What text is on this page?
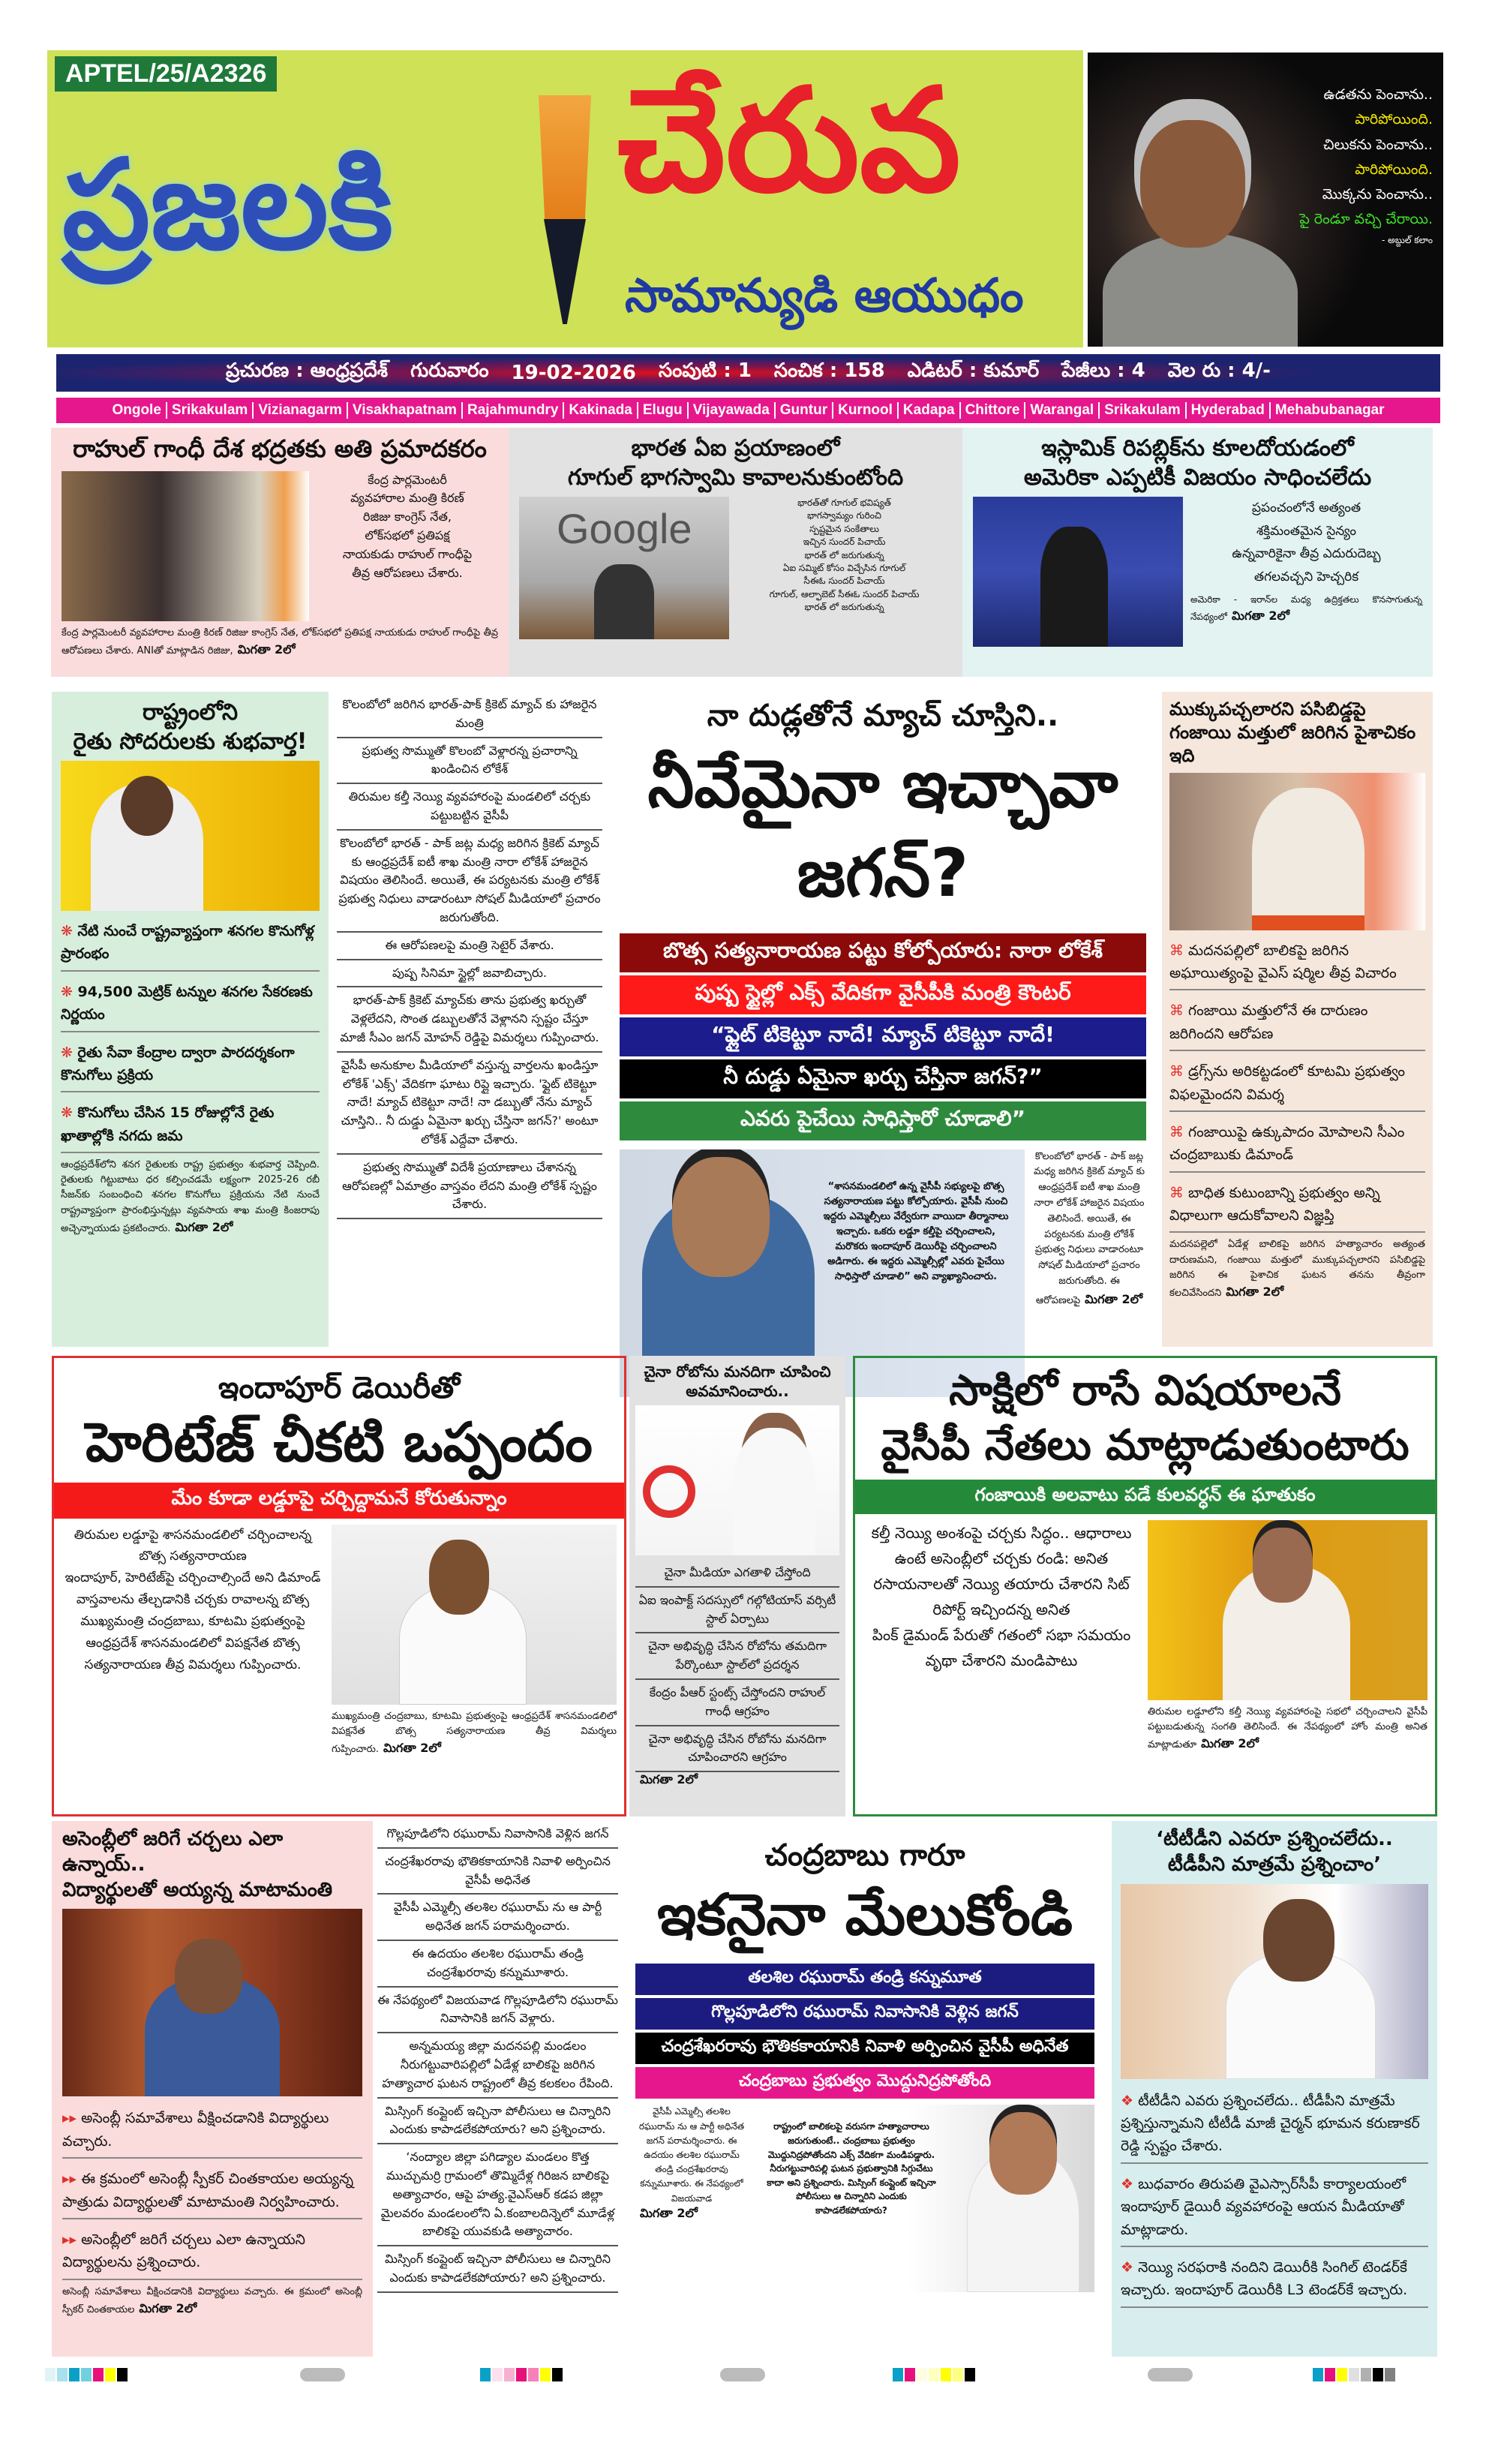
APTEL/25/A2326
ప్రజలకి చేరువ
సామాన్యుడి ఆయుధం
ఉడతను పెంచాను..
పారిపోయింది.
చిలుకను పెంచాను..
పారిపోయింది.
మొక్కను పెంచాను..
పై రెండూ వచ్చి చేరాయి.
- అబ్దుల్ కలాం
ప్రచురణ : ఆంధ్రప్రదేశ్ గురువారం 19-02-2026 సంపుటి : 1 సంచిక : 158 ఎడిటర్ : కుమార్ పేజీలు : 4 వెల రు : 4/-
Ongole Srikakulam Vizianagarm Visakhapatnam Rajahmundry Kakinada Elugu Vijayawada Guntur Kurnool Kadapa Chittore Warangal Srikakulam Hyderabad Mehabubanagar
రాహుల్ గాంధీ దేశ భద్రతకు అతి ప్రమాదకరం
కేంద్ర పార్లమెంటరీ
వ్యవహారాల మంత్రి కిరణ్
రిజిజు కాంగ్రెస్ నేత,
లోక్‌సభలో ప్రతిపక్ష
నాయకుడు రాహుల్ గాంధీపై
తీవ్ర ఆరోపణలు చేశారు.
కేంద్ర పార్లమెంటరీ వ్యవహారాల మంత్రి కిరణ్ రిజిజు కాంగ్రెస్ నేత, లోక్‌సభలో ప్రతిపక్ష నాయకుడు రాహుల్ గాంధీపై తీవ్ర ఆరోపణలు చేశారు. ANIతో మాట్లాడిన రిజిజు, మిగతా 2లో
భారత ఏఐ ప్రయాణంలో
గూగుల్ భాగస్వామి కావాలనుకుంటోంది
Google
భారత్‌తో గూగుల్ భవిష్యత్
భాగస్వామ్యం గురించి
స్పష్టమైన సంకేతాలు
ఇచ్చిన సుందర్ పిచాయ్
భారత్ లో జరుగుతున్న
ఏఐ సమ్మిట్ కోసం విచ్చేసిన గూగుల్
సీఈఓ సుందర్ పిచాయ్
గూగుల్, ఆల్ఫాబెట్ సీఈఓ సుందర్ పిచాయ్
భారత్ లో జరుగుతున్న
ఇస్లామిక్ రిపబ్లిక్‌ను కూలదోయడంలో
అమెరికా ఎప్పటికీ విజయం సాధించలేదు
ప్రపంచంలోనే అత్యంత
శక్తిమంతమైన సైన్యం
ఉన్నవారికైనా తీవ్ర ఎదురుదెబ్బ
తగలవచ్చని హెచ్చరిక
అమెరికా - ఇరాన్‌ల మధ్య ఉద్రిక్తతలు కొనసాగుతున్న నేపథ్యంలో మిగతా 2లో
రాష్ట్రంలోని
రైతు సోదరులకు శుభవార్త!
❋ నేటి నుంచే రాష్ట్రవ్యాప్తంగా శనగల కొనుగోళ్ల ప్రారంభం
❋ 94,500 మెట్రిక్ టన్నుల శనగల సేకరణకు నిర్ణయం
❋ రైతు సేవా కేంద్రాల ద్వారా పారదర్శకంగా కొనుగోలు ప్రక్రియ
❋ కొనుగోలు చేసిన 15 రోజుల్లోనే రైతు ఖాతాల్లోకి నగదు జమ
ఆంధ్రప్రదేశ్‌లోని శనగ రైతులకు రాష్ట్ర ప్రభుత్వం శుభవార్త చెప్పింది. రైతులకు గిట్టుబాటు ధర కల్పించడమే లక్ష్యంగా 2025-26 రబీ సీజన్‌కు సంబంధించి శనగల కొనుగోలు ప్రక్రియను నేటి నుంచే రాష్ట్రవ్యాప్తంగా ప్రారంభిస్తున్నట్లు వ్యవసాయ శాఖ మంత్రి కింజరాపు అచ్చెన్నాయుడు ప్రకటించారు. మిగతా 2లో
కొలంబోలో జరిగిన భారత్-పాక్ క్రికెట్ మ్యాచ్ కు హాజరైన మంత్రి
ప్రభుత్వ సొమ్ముతో కొలంబో వెళ్లారన్న ప్రచారాన్ని ఖండించిన లోకేశ్
తిరుమల కల్తీ నెయ్యి వ్యవహారంపై మండలిలో చర్చకు పట్టుబట్టిన వైసీపీ
కొలంబోలో భారత్ - పాక్ జట్ల మధ్య జరిగిన క్రికెట్ మ్యాచ్ కు ఆంధ్రప్రదేశ్ ఐటీ శాఖ మంత్రి నారా లోకేశ్ హాజరైన విషయం తెలిసిందే. అయితే, ఈ పర్యటనకు మంత్రి లోకేశ్ ప్రభుత్వ నిధులు వాడారంటూ సోషల్ మీడియాలో ప్రచారం జరుగుతోంది.
ఈ ఆరోపణలపై మంత్రి సెటైర్ వేశారు.
పుష్ప సినిమా స్టైల్లో జవాబిచ్చారు.
భారత్-పాక్ క్రికెట్ మ్యాచ్‌కు తాను ప్రభుత్వ ఖర్చుతో వెళ్లలేదని, సొంత డబ్బులతోనే వెళ్లానని స్పష్టం చేస్తూ మాజీ సీఎం జగన్ మోహన్ రెడ్డిపై విమర్శలు గుప్పించారు.
వైసీపీ అనుకూల మీడియాలో వస్తున్న వార్తలను ఖండిస్తూ లోకేశ్ 'ఎక్స్' వేదికగా ఘాటు రిప్లై ఇచ్చారు. 'ఫ్లైట్ టికెట్టూ నాదే! మ్యాచ్ టికెట్టూ నాదే! నా డబ్బుతో నేను మ్యాచ్ చూస్తిని.. నీ దుడ్డు ఏమైనా ఖర్చు చేస్తినా జగన్?' అంటూ లోకేశ్ ఎద్దేవా చేశారు.
ప్రభుత్వ సొమ్ముతో విదేశీ ప్రయాణాలు చేశానన్న ఆరోపణల్లో ఏమాత్రం వాస్తవం లేదని మంత్రి లోకేశ్ స్పష్టం చేశారు.
నా దుడ్లతోనే మ్యాచ్ చూస్తిని..
నీవేమైనా ఇచ్చావా జగన్?
బొత్స సత్యనారాయణ పట్టు కోల్పోయారు: నారా లోకేశ్
పుష్ప స్టైల్లో ఎక్స్ వేదికగా వైసీపీకి మంత్రి కౌంటర్
“ఫ్లైట్ టికెట్టూ నాదే! మ్యాచ్ టికెట్టూ నాదే!
నీ దుడ్డు ఏమైనా ఖర్చు చేస్తినా జగన్?”
ఎవరు పైచేయి సాధిస్తారో చూడాలి”
“శాసనమండలిలో ఉన్న వైసీపీ సభ్యులపై బొత్స సత్యనారాయణ పట్టు కోల్పోయారు. వైసీపీ నుంచి ఇద్దరు ఎమ్మెల్సీలు వేర్వేరుగా వాయిదా తీర్మానాలు ఇచ్చారు. ఒకరు లడ్డూ కల్తీపై చర్చించాలని, మరొకరు ఇందాపూర్ డెయిరీపై చర్చించాలని అడిగారు. ఈ ఇద్దరు ఎమ్మెల్సీల్లో ఎవరు పైచేయి సాధిస్తారో చూడాలి” అని వ్యాఖ్యానించారు.
కొలంబోలో భారత్ - పాక్ జట్ల మధ్య జరిగిన క్రికెట్ మ్యాచ్ కు ఆంధ్రప్రదేశ్ ఐటీ శాఖ మంత్రి నారా లోకేశ్ హాజరైన విషయం తెలిసిందే. అయితే, ఈ పర్యటనకు మంత్రి లోకేశ్ ప్రభుత్వ నిధులు వాడారంటూ సోషల్ మీడియాలో ప్రచారం జరుగుతోంది. ఈ ఆరోపణలపై మిగతా 2లో
ముక్కుపచ్చలారని పసిబిడ్డపై గంజాయి మత్తులో జరిగిన పైశాచికం ఇది
⌘ మదనపల్లిలో బాలికపై జరిగిన అఘాయిత్యంపై వైఎస్ షర్మిల తీవ్ర విచారం
⌘ గంజాయి మత్తులోనే ఈ దారుణం జరిగిందని ఆరోపణ
⌘ డ్రగ్స్‌ను అరికట్టడంలో కూటమి ప్రభుత్వం విఫలమైందని విమర్శ
⌘ గంజాయిపై ఉక్కుపాదం మోపాలని సీఎం చంద్రబాబుకు డిమాండ్
⌘ బాధిత కుటుంబాన్ని ప్రభుత్వం అన్ని విధాలుగా ఆదుకోవాలని విజ్ఞప్తి
మదనపల్లెలో ఏడేళ్ల బాలికపై జరిగిన హత్యాచారం అత్యంత దారుణమని, గంజాయి మత్తులో ముక్కుపచ్చలారని పసిబిడ్డపై జరిగిన ఈ పైశాచిక ఘటన తనను తీవ్రంగా కలచివేసిందని మిగతా 2లో
ఇందాపూర్ డెయిరీతో
హెరిటేజ్ చీకటి ఒప్పందం
మేం కూడా లడ్డూపై చర్చిద్దామనే కోరుతున్నాం
తిరుమల లడ్డూపై శాసనమండలిలో చర్చించాలన్న బొత్స సత్యనారాయణ
ఇందాపూర్, హెరిటేజ్‌పై చర్చించాల్సిందే అని డిమాండ్
వాస్తవాలను తేల్చడానికి చర్చకు రావాలన్న బొత్స
ముఖ్యమంత్రి చంద్రబాబు, కూటమి ప్రభుత్వంపై ఆంధ్రప్రదేశ్ శాసనమండలిలో విపక్షనేత బొత్స సత్యనారాయణ తీవ్ర విమర్శలు గుప్పించారు.
ముఖ్యమంత్రి చంద్రబాబు, కూటమి ప్రభుత్వంపై ఆంధ్రప్రదేశ్ శాసనమండలిలో విపక్షనేత బొత్స సత్యనారాయణ తీవ్ర విమర్శలు గుప్పించారు. మిగతా 2లో
చైనా రోబోను మనదిగా చూపించి అవమానించారు..
చైనా మీడియా ఎగతాళి చేస్తోంది
ఏఐ ఇంపాక్ట్ సదస్సులో గల్గోటియాస్ వర్సిటీ స్టాల్ ఏర్పాటు
చైనా అభివృద్ధి చేసిన రోబోను తమదిగా పేర్కొంటూ స్టాల్‌లో ప్రదర్శన
కేంద్రం పీఆర్ స్టంట్స్ చేస్తోందని రాహుల్ గాంధీ ఆగ్రహం
చైనా అభివృద్ధి చేసిన రోబోను మనదిగా చూపించారని ఆగ్రహం
మిగతా 2లో
సాక్షిలో రాసే విషయాలనే
వైసీపీ నేతలు మాట్లాడుతుంటారు
గంజాయికి అలవాటు పడే కులవర్ధన్ ఈ ఘాతుకం
కల్తీ నెయ్యి అంశంపై చర్చకు సిద్ధం.. ఆధారాలు ఉంటే అసెంబ్లీలో చర్చకు రండి: అనిత
రసాయనాలతో నెయ్యి తయారు చేశారని సిట్ రిపోర్ట్ ఇచ్చిందన్న అనిత
పింక్ డైమండ్ పేరుతో గతంలో సభా సమయం వృథా చేశారని మండిపాటు
తిరుమల లడ్డూలోని కల్తీ నెయ్యి వ్యవహారంపై సభలో చర్చించాలని వైసీపీ పట్టుబడుతున్న సంగతి తెలిసిందే. ఈ నేపథ్యంలో హోం మంత్రి అనిత మాట్లాడుతూ మిగతా 2లో
అసెంబ్లీలో జరిగే చర్చలు ఎలా ఉన్నాయ్..
విద్యార్థులతో అయ్యన్న మాటామంతి
▸▸ అసెంబ్లీ సమావేశాలు వీక్షించడానికి విద్యార్థులు వచ్చారు.
▸▸ ఈ క్రమంలో అసెంబ్లీ స్పీకర్ చింతకాయల అయ్యన్న పాత్రుడు విద్యార్థులతో మాటామంతి నిర్వహించారు.
▸▸ అసెంబ్లీలో జరిగే చర్చలు ఎలా ఉన్నాయని విద్యార్థులను ప్రశ్నించారు.
అసెంబ్లీ సమావేశాలు వీక్షించడానికి విద్యార్థులు వచ్చారు. ఈ క్రమంలో అసెంబ్లీ స్పీకర్ చింతకాయల మిగతా 2లో
గొల్లపూడిలోని రఘురామ్ నివాసానికి వెళ్లిన జగన్
చంద్రశేఖరరావు భౌతికకాయానికి నివాళి అర్పించిన వైసీపీ అధినేత
వైసీపీ ఎమ్మెల్సీ తలశిల రఘురామ్ ను ఆ పార్టీ అధినేత జగన్ పరామర్శించారు.
ఈ ఉదయం తలశిల రఘురామ్ తండ్రి చంద్రశేఖరరావు కన్నుమూశారు.
ఈ నేపథ్యంలో విజయవాడ గొల్లపూడిలోని రఘురామ్ నివాసానికి జగన్ వెళ్లారు.
అన్నమయ్య జిల్లా మదనపల్లి మండలం నీరుగట్టువారిపల్లిలో ఏడేళ్ల బాలికపై జరిగిన హత్యాచార ఘటన రాష్ట్రంలో తీవ్ర కలకలం రేపింది.
మిస్సింగ్ కంప్లైంట్ ఇచ్చినా పోలీసులు ఆ చిన్నారిని ఎందుకు కాపాడలేకపోయారు? అని ప్రశ్నించారు.
‘నంద్యాల జిల్లా పగిడ్యాల మండలం కొత్త ముచ్చుమర్రి గ్రామంలో తొమ్మిదేళ్ల గిరిజన బాలికపై అత్యాచారం, ఆపై హత్య.వైఎస్‌ఆర్ కడప జిల్లా మైలవరం మండలంలోని ఏ.కంబాలదిన్నెలో మూడేళ్ల బాలికపై యువకుడి అత్యాచారం.
మిస్సింగ్ కంప్లైంట్ ఇచ్చినా పోలీసులు ఆ చిన్నారిని ఎందుకు కాపాడలేకపోయారు? అని ప్రశ్నించారు.
చంద్రబాబు గారూ
ఇకనైనా మేలుకోండి
తలశిల రఘురామ్ తండ్రి కన్నుమూత
గొల్లపూడిలోని రఘురామ్ నివాసానికి వెళ్లిన జగన్
చంద్రశేఖరరావు భౌతికకాయానికి నివాళి అర్పించిన వైసీపీ అధినేత
చంద్రబాబు ప్రభుత్వం మొద్దునిద్రపోతోంది
వైసీపీ ఎమ్మెల్సీ తలశిల రఘురామ్ ను ఆ పార్టీ అధినేత జగన్ పరామర్శించారు. ఈ ఉదయం తలశిల రఘురామ్ తండ్రి చంద్రశేఖరరావు కన్నుమూశారు. ఈ నేపథ్యంలో విజయవాడ
మిగతా 2లో
రాష్ట్రంలో బాలికలపై వరుసగా హత్యాచారాలు జరుగుతుంటే.. చంద్రబాబు ప్రభుత్వం మొద్దునిద్రపోతోందని ఎక్స్ వేదికగా మండిపడ్డారు. నీరుగట్టువారిపల్లి ఘటన ప్రభుత్వానికి సిగ్గుచేటు కాదా అని ప్రశ్నించారు. మిస్సింగ్ కంప్లైంట్ ఇచ్చినా పోలీసులు ఆ చిన్నారిని ఎందుకు కాపాడలేకపోయారు?
‘టీటీడీని ఎవరూ ప్రశ్నించలేదు..
టీడీపీని మాత్రమే ప్రశ్నించాం’
❖ టీటీడీని ఎవరు ప్రశ్నించలేదు.. టీడీపీని మాత్రమే ప్రశ్నిస్తున్నామని టీటీడీ మాజీ చైర్మన్ భూమన కరుణాకర్ రెడ్డి స్పష్టం చేశారు.
❖ బుధవారం తిరుపతి వైఎస్సార్‌సీపీ కార్యాలయంలో ఇందాపూర్ డైయిరీ వ్యవహారంపై ఆయన మీడియాతో మాట్లాడారు.
❖ నెయ్యి సరఫరాకి నందిని డెయిరీకి సింగిల్ టెండర్‌కే ఇచ్చారు. ఇందాపూర్ డెయిరీకి L3 టెండర్‌కే ఇచ్చారు.
